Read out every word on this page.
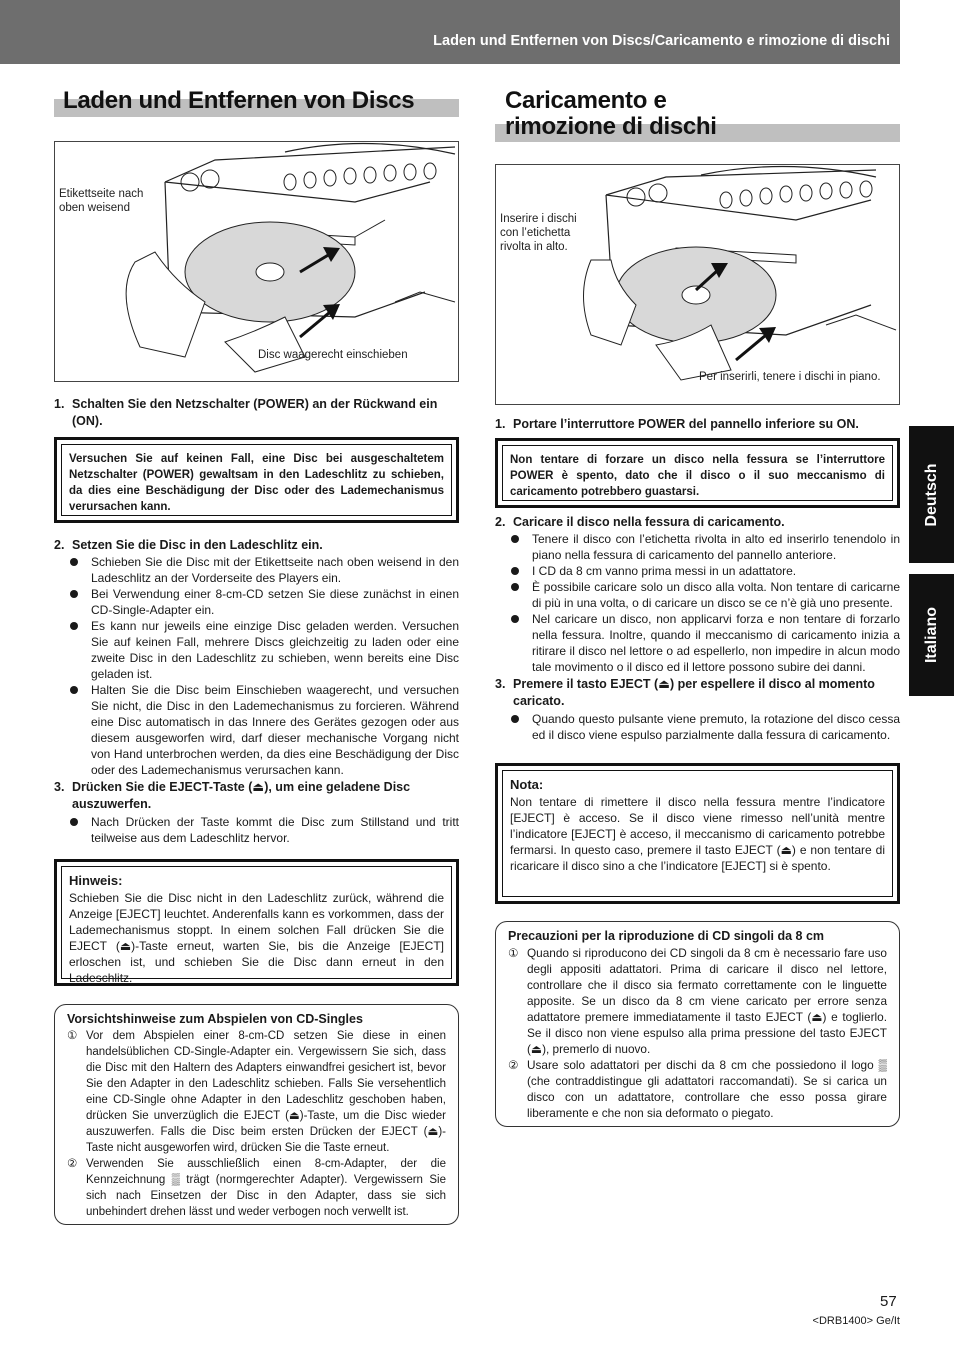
Laden und Entfernen von Discs/Caricamento e rimozione di dischi
Laden und Entfernen von Discs
Etikettseite nach
oben weisend
Disc waagerecht einschieben
1. Schalten Sie den Netzschalter (POWER) an der Rückwand ein (ON).
Versuchen Sie auf keinen Fall, eine Disc bei ausgeschaltetem Netzschalter (POWER) gewaltsam in den Ladeschlitz zu schieben, da dies eine Beschädigung der Disc oder des Lademechanismus verursachen kann.
2. Setzen Sie die Disc in den Ladeschlitz ein.
Schieben Sie die Disc mit der Etikettseite nach oben weisend in den Ladeschlitz an der Vorderseite des Players ein.
Bei Verwendung einer 8-cm-CD setzen Sie diese zunächst in einen CD-Single-Adapter ein.
Es kann nur jeweils eine einzige Disc geladen werden. Versuchen Sie auf keinen Fall, mehrere Discs gleichzeitig zu laden oder eine zweite Disc in den Ladeschlitz zu schieben, wenn bereits eine Disc geladen ist.
Halten Sie die Disc beim Einschieben waagerecht, und versuchen Sie nicht, die Disc in den Lademechanismus zu forcieren. Während eine Disc automatisch in das Innere des Gerätes gezogen oder aus diesem ausgeworfen wird, darf dieser mechanische Vorgang nicht von Hand unterbrochen werden, da dies eine Beschädigung der Disc oder des Lademechanismus verursachen kann.
3. Drücken Sie die EJECT-Taste (⏏), um eine geladene Disc auszuwerfen.
Nach Drücken der Taste kommt die Disc zum Stillstand und tritt teilweise aus dem Ladeschlitz hervor.
Hinweis:
Schieben Sie die Disc nicht in den Ladeschlitz zurück, während die Anzeige [EJECT] leuchtet. Anderenfalls kann es vorkommen, dass der Lademechanismus stoppt. In einem solchen Fall drücken Sie die EJECT (⏏)-Taste erneut, warten Sie, bis die Anzeige [EJECT] erloschen ist, und schieben Sie die Disc dann erneut in den Ladeschlitz.
Vorsichtshinweise zum Abspielen von CD-Singles
① Vor dem Abspielen einer 8-cm-CD setzen Sie diese in einen handelsüblichen CD-Single-Adapter ein. Vergewissern Sie sich, dass die Disc mit den Haltern des Adapters einwandfrei gesichert ist, bevor Sie den Adapter in den Ladeschlitz schieben. Falls Sie versehentlich eine CD-Single ohne Adapter in den Ladeschlitz geschoben haben, drücken Sie unverzüglich die EJECT (⏏)-Taste, um die Disc wieder auszuwerfen. Falls die Disc beim ersten Drücken der EJECT (⏏)-Taste nicht ausgeworfen wird, drücken Sie die Taste erneut.
② Verwenden Sie ausschließlich einen 8-cm-Adapter, der die Kennzeichnung ▒ trägt (normgerechter Adapter). Vergewissern Sie sich nach Einsetzen der Disc in den Adapter, dass sie sich unbehindert drehen lässt und weder verbogen noch verwellt ist.
Caricamento e
rimozione di dischi
Inserire i dischi
con l’etichetta
rivolta in alto.
Per inserirli, tenere i dischi in piano.
1. Portare l’interruttore POWER del pannello inferiore su ON.
Non tentare di forzare un disco nella fessura se l’interruttore POWER è spento, dato che il disco o il suo meccanismo di caricamento potrebbero guastarsi.
2. Caricare il disco nella fessura di caricamento.
Tenere il disco con l’etichetta rivolta in alto ed inserirlo tenendolo in piano nella fessura di caricamento del pannello anteriore.
I CD da 8 cm vanno prima messi in un adattatore.
È possibile caricare solo un disco alla volta. Non tentare di caricarne di più in una volta, o di caricare un disco se ce n’è già uno presente.
Nel caricare un disco, non applicarvi forza e non tentare di forzarlo nella fessura. Inoltre, quando il meccanismo di caricamento inizia a ritirare il disco nel lettore o ad espellerlo, non impedire in alcun modo tale movimento o il disco ed il lettore possono subire dei danni.
3. Premere il tasto EJECT (⏏) per espellere il disco al momento caricato.
Quando questo pulsante viene premuto, la rotazione del disco cessa ed il disco viene espulso parzialmente dalla fessura di caricamento.
Nota:
Non tentare di rimettere il disco nella fessura mentre l’indicatore [EJECT] è acceso. Se il disco viene rimesso nell’unità mentre l’indicatore [EJECT] è acceso, il meccanismo di caricamento potrebbe fermarsi. In questo caso, premere il tasto EJECT (⏏) e non tentare di ricaricare il disco sino a che l’indicatore [EJECT] si è spento.
Precauzioni per la riproduzione di CD singoli da 8 cm
① Quando si riproducono dei CD singoli da 8 cm è necessario fare uso degli appositi adattatori. Prima di caricare il disco nel lettore, controllare che il disco sia fermato correttamente con le linguette apposite. Se un disco da 8 cm viene caricato per errore senza adattatore premere immediatamente il tasto EJECT (⏏) e toglierlo. Se il disco non viene espulso alla prima pressione del tasto EJECT (⏏), premerlo di nuovo.
② Usare solo adattatori per dischi da 8 cm che possiedono il logo ▒ (che contraddistingue gli adattatori raccomandati). Se si carica un disco con un adattatore, controllare che esso possa girare liberamente e che non sia deformato o piegato.
Deutsch
Italiano
57
<DRB1400> Ge/It
